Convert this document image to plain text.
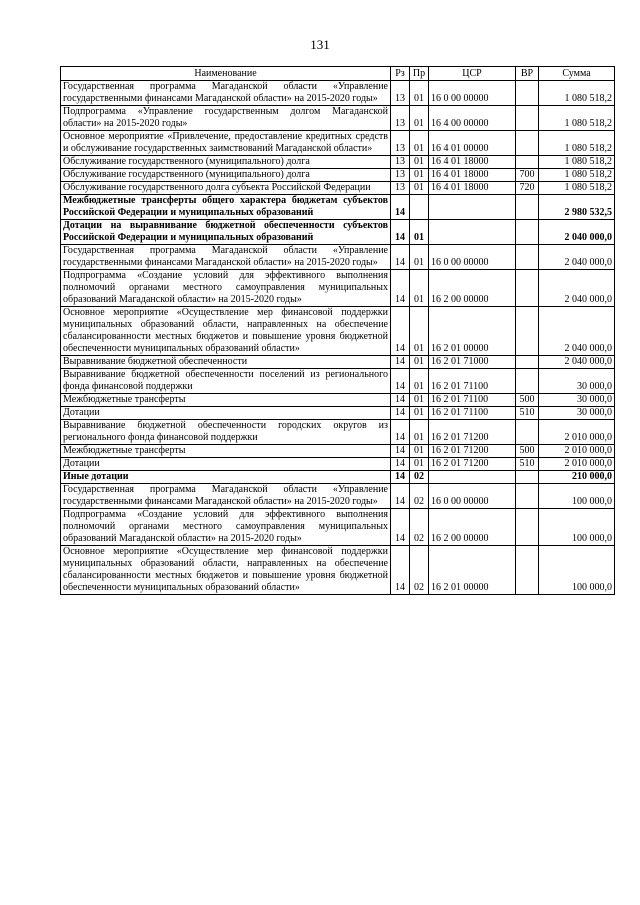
131
Наименование	Рз	Пр	ЦСР	ВР	Сумма
Государственная программа Магаданской области «Управление государственными финансами Магаданской области» на 2015-2020 годы»	13	01	16 0 00 00000		1 080 518,2
Подпрограмма «Управление государственным долгом Магаданской области» на 2015-2020 годы»	13	01	16 4 00 00000		1 080 518,2
Основное мероприятие «Привлечение, предоставление кредитных средств и обслуживание государственных заимствований Магаданской области»	13	01	16 4 01 00000		1 080 518,2
Обслуживание государственного (муниципального) долга	13	01	16 4 01 18000		1 080 518,2
Обслуживание государственного (муниципального) долга	13	01	16 4 01 18000	700	1 080 518,2
Обслуживание государственного долга субъекта Российской Федерации	13	01	16 4 01 18000	720	1 080 518,2
Межбюджетные трансферты общего характера бюджетам субъектов Российской Федерации и муниципальных образований	14				2 980 532,5
Дотации на выравнивание бюджетной обеспеченности субъектов Российской Федерации и муниципальных образований	14	01			2 040 000,0
Государственная программа Магаданской области «Управление государственными финансами Магаданской области» на 2015-2020 годы»	14	01	16 0 00 00000		2 040 000,0
Подпрограмма «Создание условий для эффективного выполнения полномочий органами местного самоуправления муниципальных образований Магаданской области» на 2015-2020 годы»	14	01	16 2 00 00000		2 040 000,0
Основное мероприятие «Осуществление мер финансовой поддержки муниципальных образований области, направленных на обеспечение сбалансированности местных бюджетов и повышение уровня бюджетной обеспеченности муниципальных образований области»	14	01	16 2 01 00000		2 040 000,0
Выравнивание бюджетной обеспеченности	14	01	16 2 01 71000		2 040 000,0
Выравнивание бюджетной обеспеченности поселений из регионального фонда финансовой поддержки	14	01	16 2 01 71100		30 000,0
Межбюджетные трансферты	14	01	16 2 01 71100	500	30 000,0
Дотации	14	01	16 2 01 71100	510	30 000,0
Выравнивание бюджетной обеспеченности городских округов из регионального фонда финансовой поддержки	14	01	16 2 01 71200		2 010 000,0
Межбюджетные трансферты	14	01	16 2 01 71200	500	2 010 000,0
Дотации	14	01	16 2 01 71200	510	2 010 000,0
Иные дотации	14	02			210 000,0
Государственная программа Магаданской области «Управление государственными финансами Магаданской области» на 2015-2020 годы»	14	02	16 0 00 00000		100 000,0
Подпрограмма «Создание условий для эффективного выполнения полномочий органами местного самоуправления муниципальных образований Магаданской области» на 2015-2020 годы»	14	02	16 2 00 00000		100 000,0
Основное мероприятие «Осуществление мер финансовой поддержки муниципальных образований области, направленных на обеспечение сбалансированности местных бюджетов и повышение уровня бюджетной обеспеченности муниципальных образований области»	14	02	16 2 01 00000		100 000,0
